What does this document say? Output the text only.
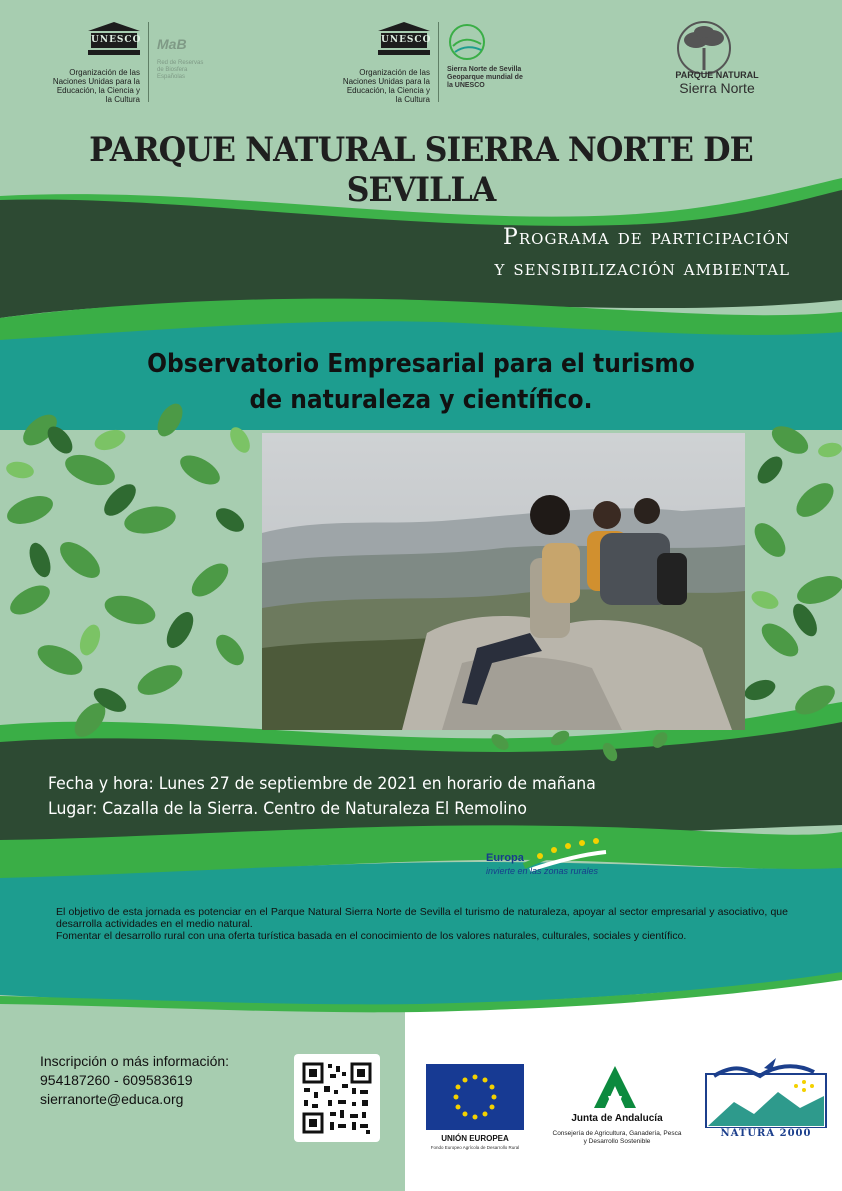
UNESCO
Organización de las Naciones Unidas para la Educación, la Ciencia y la Cultura
MaB
Red de Reservas de Biosfera Españolas
UNESCO
Organización de las Naciones Unidas para la Educación, la Ciencia y la Cultura
Sierra Norte de Sevilla Geoparque mundial de la UNESCO
PARQUE NATURAL
Sierra Norte
PARQUE NATURAL SIERRA NORTE DE SEVILLA
Programa de participación
y sensibilización ambiental
Observatorio Empresarial para el turismo
de naturaleza y científico.
Fecha y hora: Lunes 27 de septiembre de 2021 en horario de mañana
Lugar: Cazalla de la Sierra. Centro de Naturaleza El Remolino
Europa
invierte en las zonas rurales
El objetivo de esta jornada es potenciar en el Parque Natural Sierra Norte de Sevilla el turismo de naturaleza, apoyar al sector empresarial y asociativo, que desarrolla actividades en el medio natural.
Fomentar el desarrollo rural con una oferta turística basada en el conocimiento de los valores naturales, culturales, sociales y científico.
Inscripción o más información:
954187260 - 609583619
sierranorte@educa.org
UNIÓN EUROPEA
Fondo Europeo Agrícola de Desarrollo Rural
Junta de Andalucía
Consejería de Agricultura, Ganadería, Pesca y Desarrollo Sostenible
NATURA 2000
